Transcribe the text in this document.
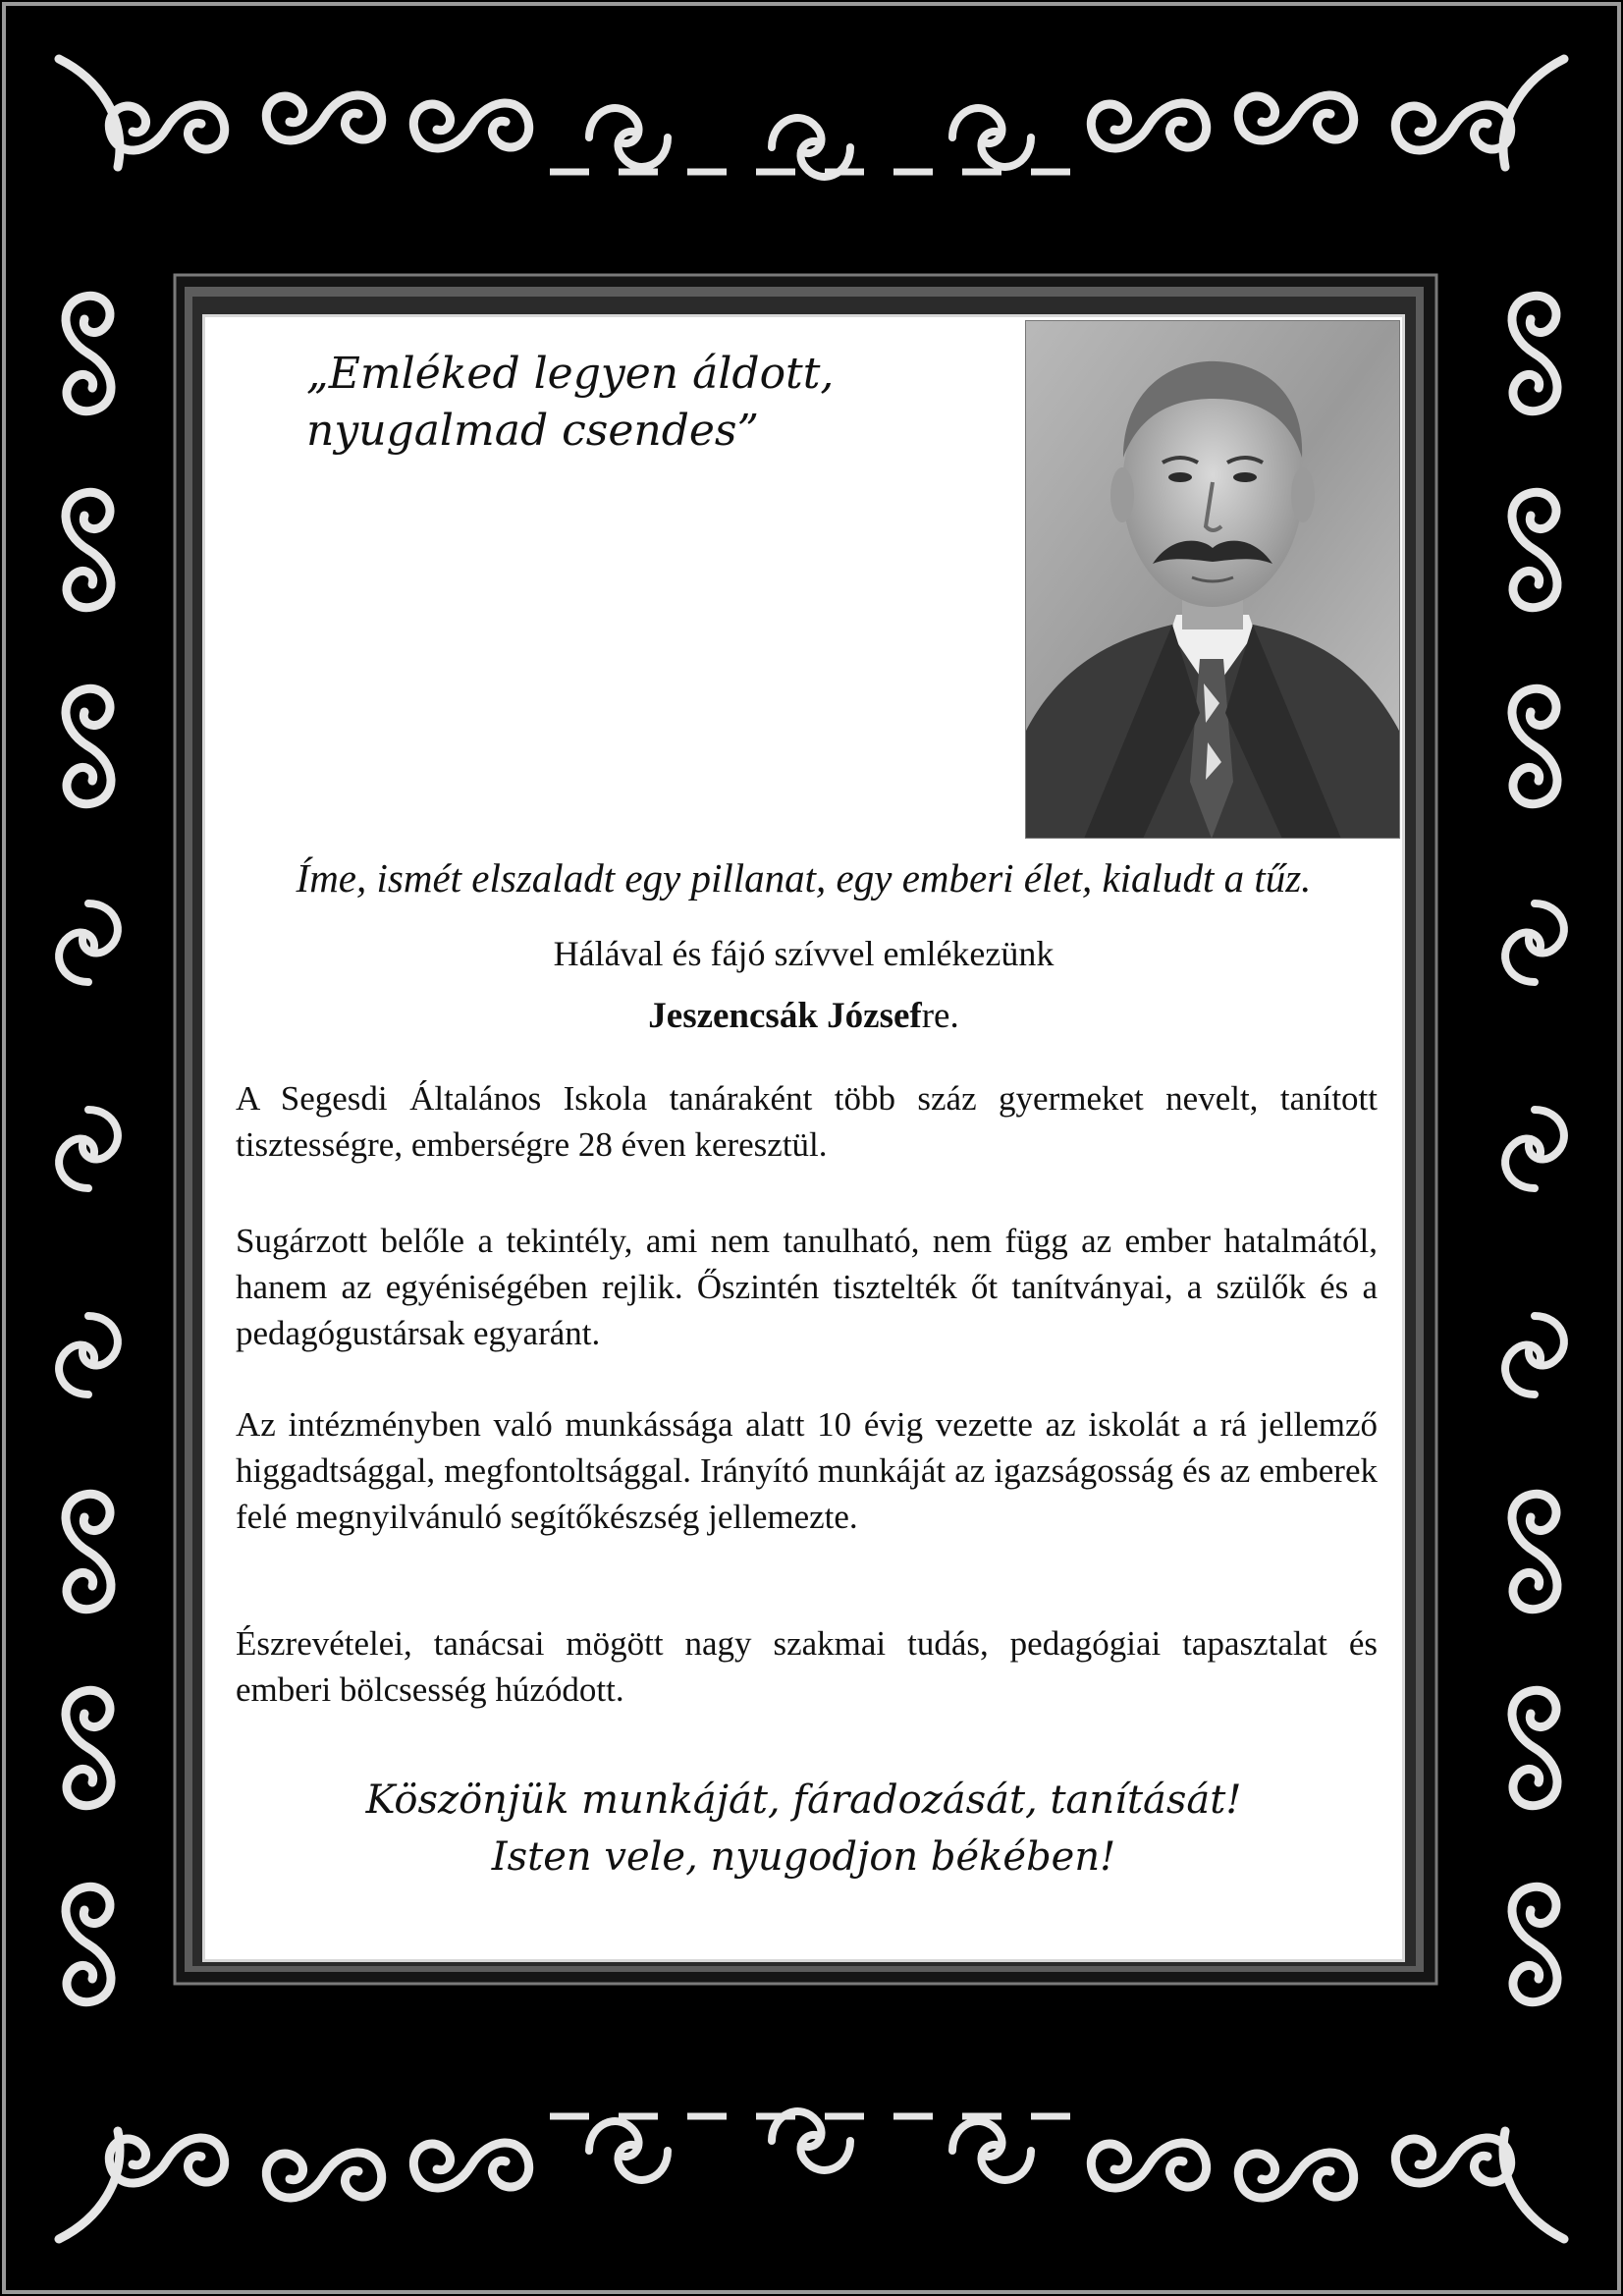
„Emléked legyen áldott,
nyugalmad csendes”
Íme, ismét elszaladt egy pillanat, egy emberi élet, kialudt a tűz.
Hálával és fájó szívvel emlékezünk
Jeszencsák Józsefre.
A Segesdi Általános Iskola tanáraként több száz gyermeket nevelt, tanított tisztességre, emberségre 28 éven keresztül.
Sugárzott belőle a tekintély, ami nem tanulható, nem függ az ember hatalmától, hanem az egyéniségében rejlik. Őszintén tisztelték őt tanítványai, a szülők és a pedagógustársak egyaránt.
Az intézményben való munkássága alatt 10 évig vezette az iskolát a rá jellemző higgadtsággal, megfontoltsággal. Irányító munkáját az igazságosság és az emberek felé megnyilvánuló segítőkészség jellemezte.
Észrevételei, tanácsai mögött nagy szakmai tudás, pedagógiai tapasztalat és emberi bölcsesség húzódott.
Köszönjük munkáját, fáradozását, tanítását!
Isten vele, nyugodjon békében!
